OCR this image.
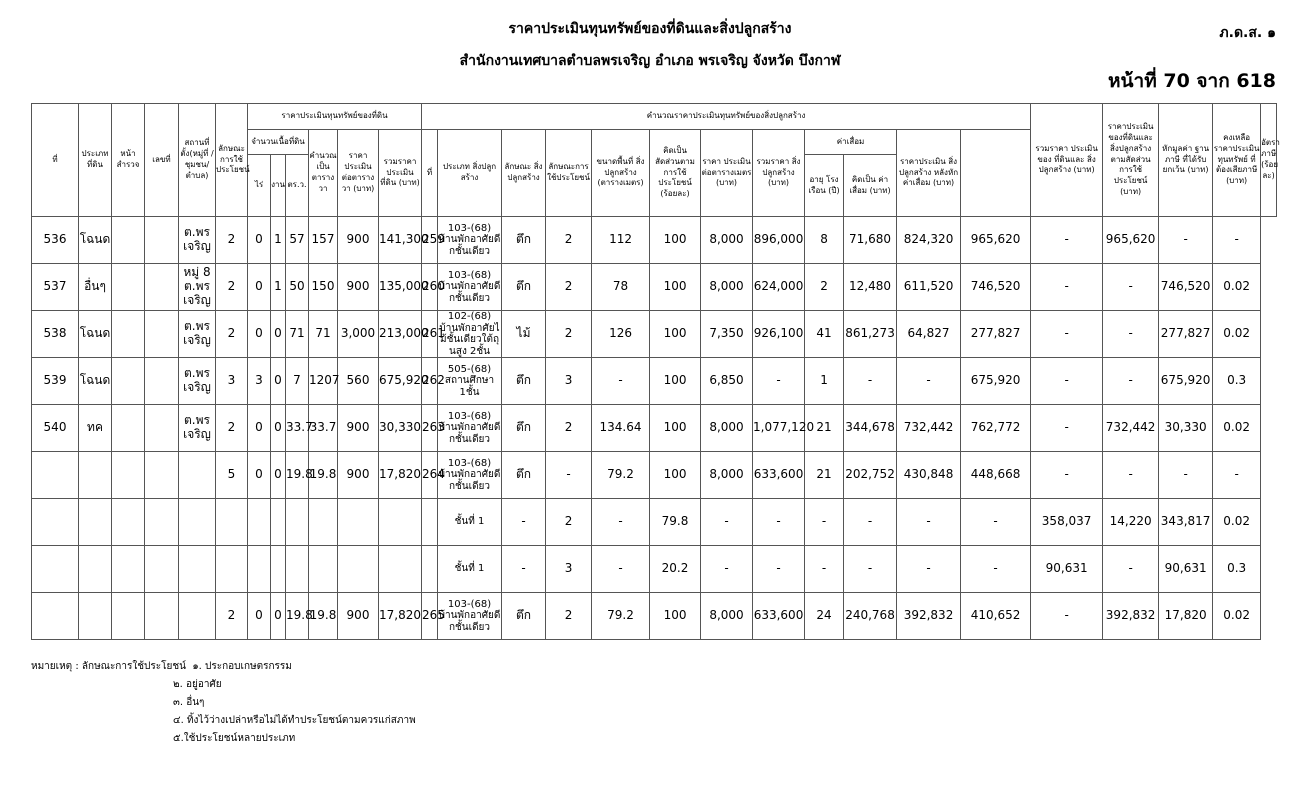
ราคาประเมินทุนทรัพย์ของที่ดินและสิ่งปลูกสร้าง
สำนักงานเทศบาลตำบลพรเจริญ อำเภอ พรเจริญ จังหวัด บึงกาฬ
ภ.ด.ส. ๑
หน้าที่ 70 จาก 618
ที่	ประเภท ที่ดิน	หน้า สำรวจ	เลขที่	สถานที่ ตั้ง(หมู่ที่ /ชุมชน/ ตำบล)	ลักษณะ การใช้ ประโยชน์	ราคาประเมินทุนทรัพย์ของที่ดิน						คำนวณราคาประเมินทุนทรัพย์ของสิ่งปลูกสร้าง												รวมราคา ประเมินของ ที่ดินและ สิ่งปลูกสร้าง (บาท)	ราคาประเมิน ของที่ดินและ สิ่งปลูกสร้าง ตามสัดส่วน การใช้ประโยชน์ (บาท)	หักมูลค่า ฐานภาษี ที่ได้รับ ยกเว้น (บาท)	คงเหลือ ราคาประเมิน ทุนทรัพย์ ที่ต้องเสียภาษี (บาท)	อัตราภาษี (ร้อยละ)
						จำนวนเนื้อที่ดิน			คำนวณ เป็น ตารางวา	ราคา ประเมิน ต่อตารางวา (บาท)	รวมราคา ประเมิน ที่ดิน (บาท)	ที่	ประเภท สิ่งปลูกสร้าง	ลักษณะ สิ่งปลูกสร้าง	ลักษณะการ ใช้ประโยชน์	ขนาดพื้นที่ สิ่งปลูกสร้าง (ตารางเมตร)	คิดเป็น สัดส่วนตาม การใช้ ประโยชน์ (ร้อยละ)	ราคา ประเมิน ต่อตารางเมตร (บาท)	รวมราคา สิ่งปลูกสร้าง (บาท)	ค่าเสื่อม		ราคาประเมิน สิ่งปลูกสร้าง หลังหัก ค่าเสื่อม (บาท)						
						ไร่	งาน	ตร.ว.												อายุ โรงเรือน (ปี)	คิดเป็น ค่าเสื่อม (บาท)							
536	โฉนด			ต.พร เจริญ	2	0	1	57	157	900	141,300	259	103-(68) บ้านพักอาศัยดี กชั้นเดียว	ตึก	2	112	100	8,000	896,000	8	71,680	824,320	965,620	-	965,620	-	-	
537	อื่นๆ			หมู่ 8 ต.พร เจริญ	2	0	1	50	150	900	135,000	260	103-(68) บ้านพักอาศัยดี กชั้นเดียว	ตึก	2	78	100	8,000	624,000	2	12,480	611,520	746,520	-	-	746,520	0.02	
538	โฉนด			ต.พร เจริญ	2	0	0	71	71	3,000	213,000	261	102-(68) บ้านพักอาศัยไ ม้ชั้นเดียวใต้ถุ นสูง 2ชั้น	ไม้	2	126	100	7,350	926,100	41	861,273	64,827	277,827	-	-	277,827	0.02	
539	โฉนด			ต.พร เจริญ	3	3	0	7	1207	560	675,920	262	505-(68) สถานศึกษา 1ชั้น	ตึก	3	-	100	6,850	-	1	-	-	675,920	-	-	675,920	0.3	
540	ทค			ต.พร เจริญ	2	0	0	33.7	33.7	900	30,330	263	103-(68) บ้านพักอาศัยดี กชั้นเดียว	ตึก	2	134.64	100	8,000	1,077,120	21	344,678	732,442	762,772	-	732,442	30,330	0.02	
					5	0	0	19.8	19.8	900	17,820	264	103-(68) บ้านพักอาศัยดี กชั้นเดียว	ตึก	-	79.2	100	8,000	633,600	21	202,752	430,848	448,668	-	-	-	-	
													ชั้นที่ 1	-	2	-	79.8	-	-	-	-	-	-	358,037	14,220	343,817	0.02	
													ชั้นที่ 1	-	3	-	20.2	-	-	-	-	-	-	90,631	-	90,631	0.3	
					2	0	0	19.8	19.8	900	17,820	265	103-(68) บ้านพักอาศัยดี กชั้นเดียว	ตึก	2	79.2	100	8,000	633,600	24	240,768	392,832	410,652	-	392,832	17,820	0.02	
หมายเหตุ : ลักษณะการใช้ประโยชน์ ๑. ประกอบเกษตรกรรม
๒. อยู่อาศัย
๓. อื่นๆ
๔. ทิ้งไว้ว่างเปล่าหรือไม่ได้ทำประโยชน์ตามควรแก่สภาพ
๕.ใช้ประโยชน์หลายประเภท
